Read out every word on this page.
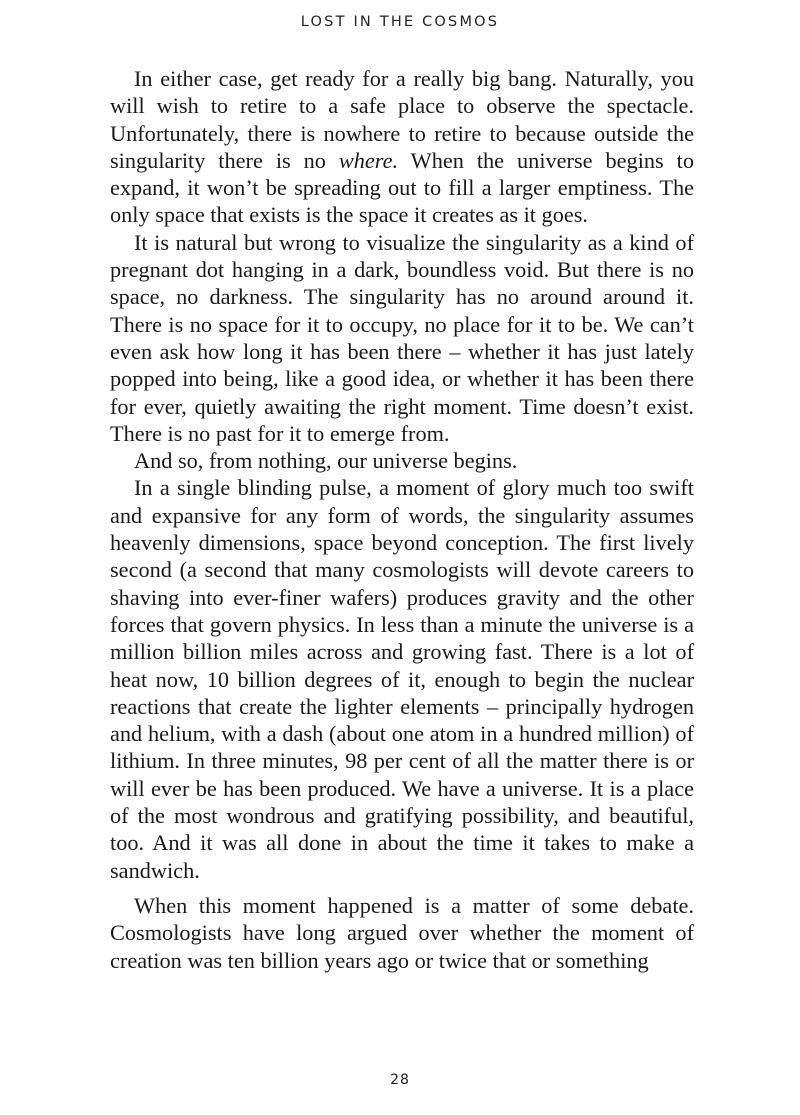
LOST IN THE COSMOS

In either case, get ready for a really big bang. Naturally, you will wish to retire to a safe place to observe the spectacle. Unfortunately, there is nowhere to retire to because outside the singularity there is no where. When the universe begins to expand, it won’t be spreading out to fill a larger emptiness. The only space that exists is the space it creates as it goes.

It is natural but wrong to visualize the singularity as a kind of pregnant dot hanging in a dark, boundless void. But there is no space, no darkness. The singularity has no around around it. There is no space for it to occupy, no place for it to be. We can’t even ask how long it has been there – whether it has just lately popped into being, like a good idea, or whether it has been there for ever, quietly awaiting the right moment. Time doesn’t exist. There is no past for it to emerge from.

And so, from nothing, our universe begins.

In a single blinding pulse, a moment of glory much too swift and expansive for any form of words, the singularity assumes heavenly dimensions, space beyond conception. The first lively second (a second that many cosmologists will devote careers to shaving into ever-finer wafers) produces gravity and the other forces that govern physics. In less than a minute the universe is a million billion miles across and growing fast. There is a lot of heat now, 10 billion degrees of it, enough to begin the nuclear reactions that create the lighter elements – principally hydrogen and helium, with a dash (about one atom in a hundred million) of lithium. In three minutes, 98 per cent of all the matter there is or will ever be has been produced. We have a universe. It is a place of the most wondrous and gratifying possibility, and beautiful, too. And it was all done in about the time it takes to make a sandwich.

When this moment happened is a matter of some debate. Cosmologists have long argued over whether the moment of creation was ten billion years ago or twice that or something

28
